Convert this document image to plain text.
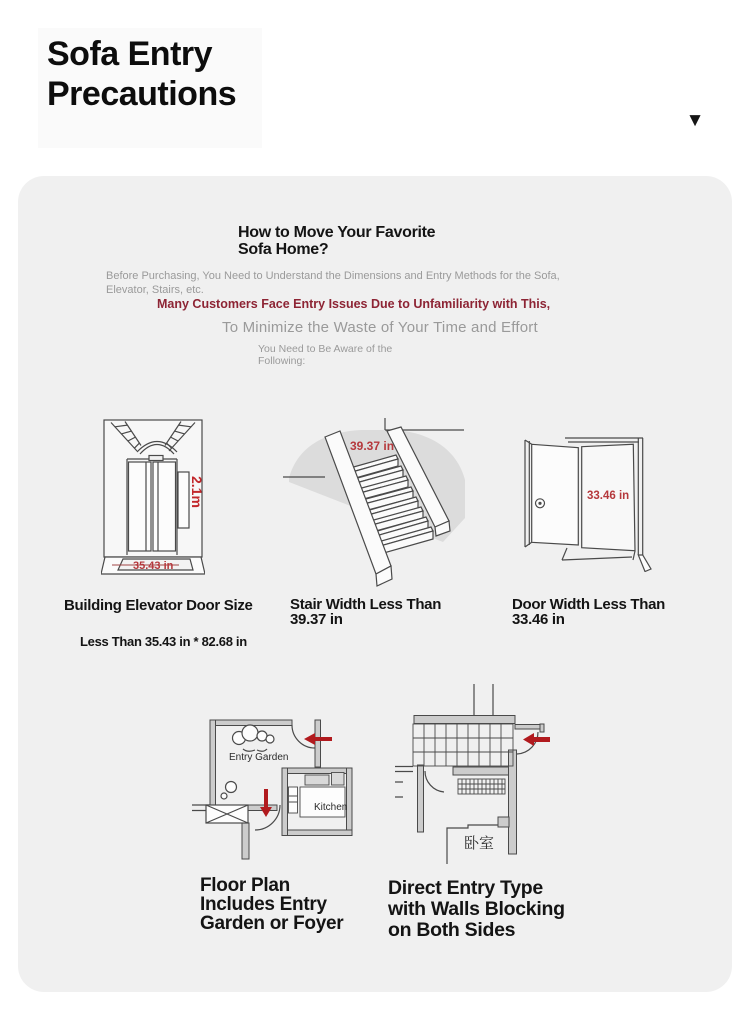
Sofa Entry Precautions
▼
How to Move Your Favorite Sofa Home?
Before Purchasing, You Need to Understand the Dimensions and Entry Methods for the Sofa, Elevator, Stairs, etc.
Many Customers Face Entry Issues Due to Unfamiliarity with This,
To Minimize the Waste of Your Time and Effort
You Need to Be Aware of the Following:
2.1m
35.43 in
39.37 in
33.46 in
Building Elevator Door Size
Less Than 35.43 in * 82.68 in
Stair Width Less Than 39.37 in
Door Width Less Than 33.46 in
Entry Garden
Kitchen
卧室
Floor Plan Includes Entry Garden or Foyer
Direct Entry Type with Walls Blocking on Both Sides
